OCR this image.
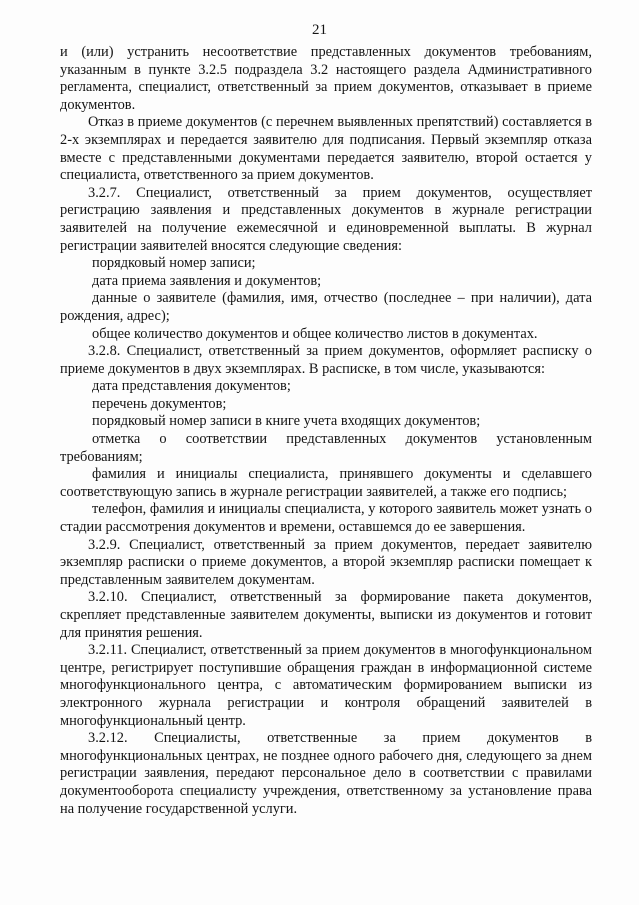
21

и (или) устранить несоответствие представленных документов требованиям, указанным в пункте 3.2.5 подраздела 3.2 настоящего раздела Административного регламента, специалист, ответственный за прием документов, отказывает в приеме документов.

Отказ в приеме документов (с перечнем выявленных препятствий) составляется в 2-х экземплярах и передается заявителю для подписания. Первый экземпляр отказа вместе с представленными документами передается заявителю, второй остается у специалиста, ответственного за прием документов.

3.2.7. Специалист, ответственный за прием документов, осуществляет регистрацию заявления и представленных документов в журнале регистрации заявителей на получение ежемесячной и единовременной выплаты. В журнал регистрации заявителей вносятся следующие сведения:

порядковый номер записи;

дата приема заявления и документов;

данные о заявителе (фамилия, имя, отчество (последнее – при наличии), дата рождения, адрес);

общее количество документов и общее количество листов в документах.

3.2.8. Специалист, ответственный за прием документов, оформляет расписку о приеме документов в двух экземплярах. В расписке, в том числе, указываются:

дата представления документов;

перечень документов;

порядковый номер записи в книге учета входящих документов;

отметка о соответствии представленных документов установленным требованиям;

фамилия и инициалы специалиста, принявшего документы и сделавшего соответствующую запись в журнале регистрации заявителей, а также его подпись;

телефон, фамилия и инициалы специалиста, у которого заявитель может узнать о стадии рассмотрения документов и времени, оставшемся до ее завершения.

3.2.9. Специалист, ответственный за прием документов, передает заявителю экземпляр расписки о приеме документов, а второй экземпляр расписки помещает к представленным заявителем документам.

3.2.10. Специалист, ответственный за формирование пакета документов, скрепляет представленные заявителем документы, выписки из документов и готовит для принятия решения.

3.2.11. Специалист, ответственный за прием документов в многофункциональном центре, регистрирует поступившие обращения граждан в информационной системе многофункционального центра, с автоматическим формированием выписки из электронного журнала регистрации и контроля обращений заявителей в многофункциональный центр.

3.2.12. Специалисты, ответственные за прием документов в многофункциональных центрах, не позднее одного рабочего дня, следующего за днем регистрации заявления, передают персональное дело в соответствии с правилами документооборота специалисту учреждения, ответственному за установление права на получение государственной услуги.
